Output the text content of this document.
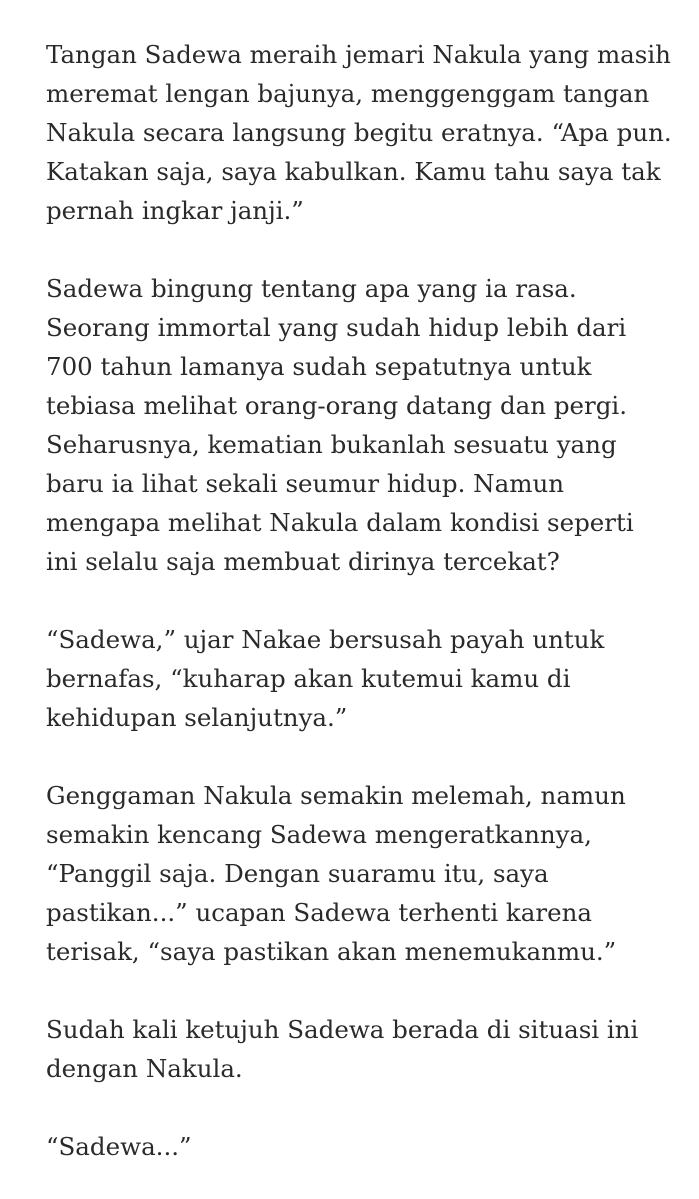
Tangan Sadewa meraih jemari Nakula yang masih
meremat lengan bajunya, menggenggam tangan
Nakula secara langsung begitu eratnya. “Apa pun.
Katakan saja, saya kabulkan. Kamu tahu saya tak
pernah ingkar janji.”

Sadewa bingung tentang apa yang ia rasa.
Seorang immortal yang sudah hidup lebih dari
700 tahun lamanya sudah sepatutnya untuk
tebiasa melihat orang-orang datang dan pergi.
Seharusnya, kematian bukanlah sesuatu yang
baru ia lihat sekali seumur hidup. Namun
mengapa melihat Nakula dalam kondisi seperti
ini selalu saja membuat dirinya tercekat?

“Sadewa,” ujar Nakae bersusah payah untuk
bernafas, “kuharap akan kutemui kamu di
kehidupan selanjutnya.”

Genggaman Nakula semakin melemah, namun
semakin kencang Sadewa mengeratkannya,
“Panggil saja. Dengan suaramu itu, saya
pastikan...” ucapan Sadewa terhenti karena
terisak, “saya pastikan akan menemukanmu.”

Sudah kali ketujuh Sadewa berada di situasi ini
dengan Nakula.

“Sadewa...”
